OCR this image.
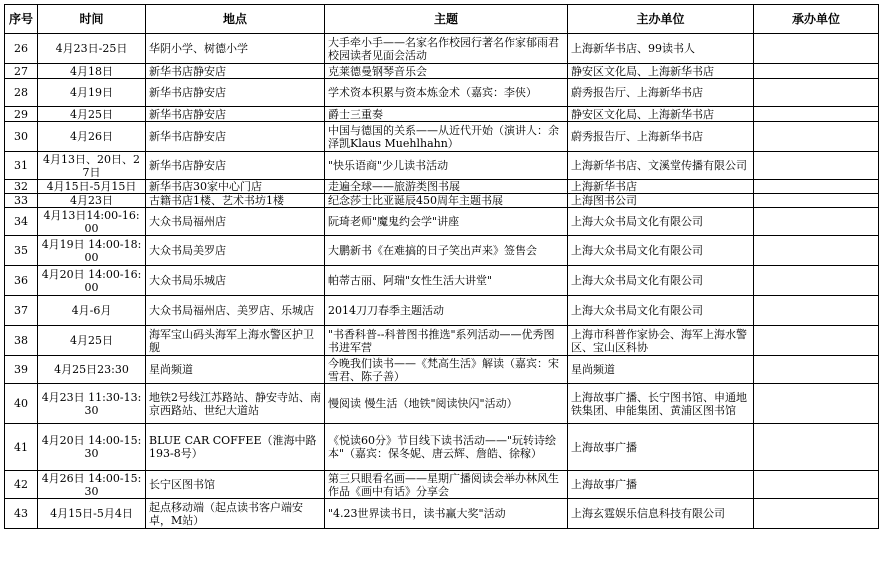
序号	时间	地点	主题	主办单位	承办单位
26	4月23日-25日	华阴小学、树德小学	大手牵小手——名家名作校园行著名作家郁雨君校园读者见面会活动	上海新华书店、99读书人	
27	4月18日	新华书店静安店	克莱德曼钢琴音乐会	静安区文化局、上海新华书店	
28	4月19日	新华书店静安店	学术资本积累与资本炼金术（嘉宾：李侠）	蔚秀报告厅、上海新华书店	
29	4月25日	新华书店静安店	爵士三重奏	静安区文化局、上海新华书店	
30	4月26日	新华书店静安店	中国与德国的关系——从近代开始（演讲人：余泽凯Klaus Muehlhahn）	蔚秀报告厅、上海新华书店	
31	4月13日、20日、27日	新华书店静安店	"快乐语商"少儿读书活动	上海新华书店、文溪堂传播有限公司	
32	4月15日-5月15日	新华书店30家中心门店	走遍全球——旅游类图书展	上海新华书店	
33	4月23日	古籍书店1楼、艺术书坊1楼	纪念莎士比亚诞辰450周年主题书展	上海图书公司	
34	4月13日14:00-16:00	大众书局福州店	阮琦老师"魔鬼约会学"讲座	上海大众书局文化有限公司	
35	4月19日 14:00-18:00	大众书局美罗店	大鹏新书《在难搞的日子笑出声来》签售会	上海大众书局文化有限公司	
36	4月20日 14:00-16:00	大众书局乐城店	帕蒂古丽、阿瑞"女性生活大讲堂"	上海大众书局文化有限公司	
37	4月-6月	大众书局福州店、美罗店、乐城店	2014刀刀春季主题活动	上海大众书局文化有限公司	
38	4月25日	海军宝山码头海军上海水警区护卫舰	"书香科普--科普图书推选"系列活动——优秀图书进军营	上海市科普作家协会、海军上海水警区、宝山区科协	
39	4月25日23:30	星尚频道	今晚我们读书——《梵高生活》解读（嘉宾：宋雪君、陈子善）	星尚频道	
40	4月23日 11:30-13:30	地铁2号线江苏路站、静安寺站、南京西路站、世纪大道站	慢阅读 慢生活（地铁"阅读快闪"活动）	上海故事广播、长宁图书馆、申通地铁集团、申能集团、黄浦区图书馆	
41	4月20日 14:00-15:30	BLUE CAR COFFEE（淮海中路193-8号）	《悦读60分》节目线下读书活动——"玩转诗绘本"（嘉宾：保冬妮、唐云辉、詹皓、徐稼）	上海故事广播	
42	4月26日 14:00-15:30	长宁区图书馆	第三只眼看名画——星期广播阅读会举办林风生作品《画中有话》分享会	上海故事广播	
43	4月15日-5月4日	起点移动端（起点读书客户端安卓，M站）	"4.23世界读书日，读书赢大奖"活动	上海玄霆娱乐信息科技有限公司	
